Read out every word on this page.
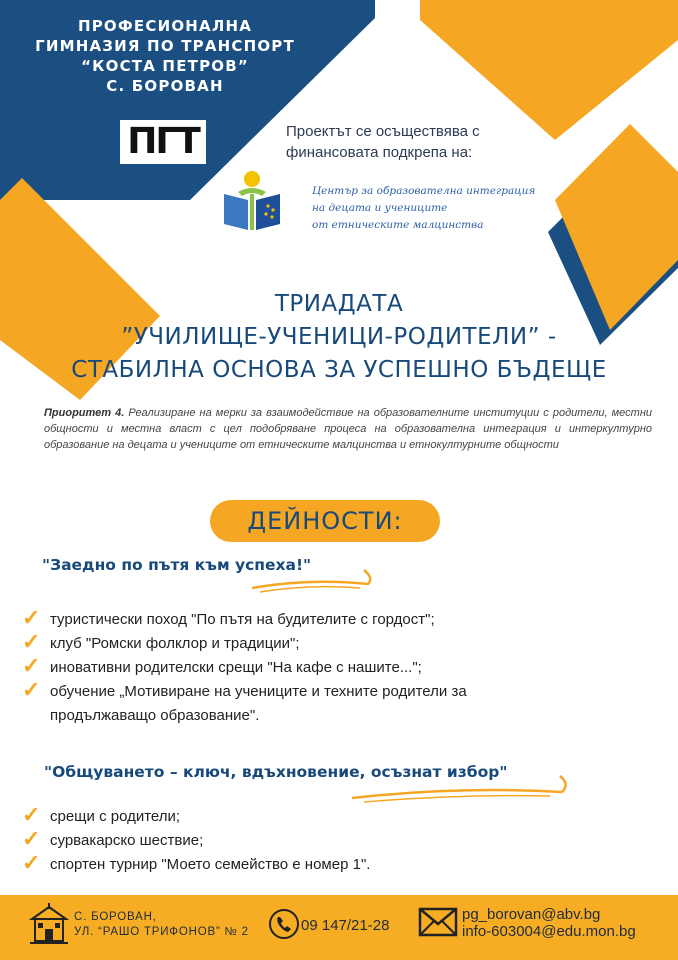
ПРОФЕСИОНАЛНА
ГИМНАЗИЯ ПО ТРАНСПОРТ
“КОСТА ПЕТРОВ”
С. БОРОВАН
ПГТ	Проектът се осъществява с финансовата подкрепа на:
Център за образователна интеграция
на децата и учениците
от етническите малцинства
ТРИАДАТА
”УЧИЛИЩЕ-УЧЕНИЦИ-РОДИТЕЛИ” -
СТАБИЛНА ОСНОВА ЗА УСПЕШНО БЪДЕЩЕ
Приоритет 4. Реализиране на мерки за взаимодействие на образователните институции с родители, местни общности и местна власт с цел подобряване процеса на образователна интеграция и интеркултурно образование на децата и учениците от етническите малцинства и етнокултурните общности
ДЕЙНОСТИ:
"Заедно по пътя към успеха!"
✓ туристически поход "По пътя на будителите с гордост";
✓ клуб "Ромски фолклор и традиции";
✓ иновативни родителски срещи "На кафе с нашите...";
✓ обучение „Мотивиране на учениците и техните родители за продължаващо образование".
"Общуването – ключ, вдъхновение, осъзнат избор"
✓ срещи с родители;
✓ сурвакарско шествие;
✓ спортен турнир "Моето семейство е номер 1".
С. БОРОВАН,
УЛ. “РАШО ТРИФОНОВ” № 2	09 147/21-28
pg_borovan@abv.bg
info-603004@edu.mon.bg
